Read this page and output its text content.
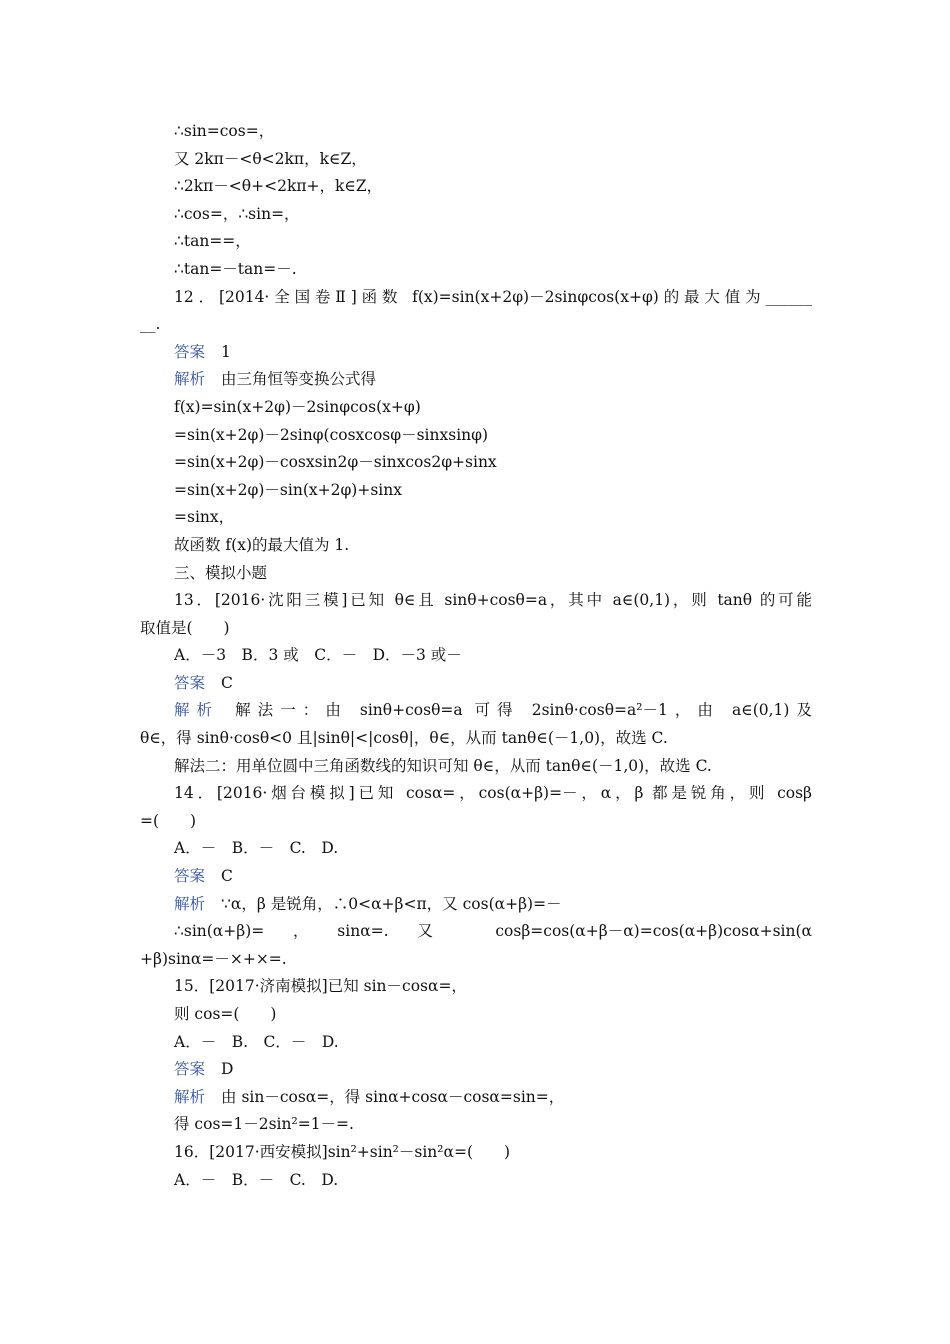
∴sin=cos=，
又 2kπ－<θ<2kπ，k∈Z，
∴2kπ－<θ+<2kπ+，k∈Z，
∴cos=，∴sin=，
∴tan==，
∴tan=－tan=－.
12．[2014·全国卷Ⅱ]函数 f(x)=sin(x+2φ)－2sinφcos(x+φ)的最大值为______
__.
答案 1
解析 由三角恒等变换公式得
f(x)=sin(x+2φ)－2sinφcos(x+φ)
=sin(x+2φ)－2sinφ(cosxcosφ－sinxsinφ)
=sin(x+2φ)－cosxsin2φ－sinxcos2φ+sinx
=sin(x+2φ)－sin(x+2φ)+sinx
=sinx，
故函数 f(x)的最大值为 1.
三、模拟小题
13．[2016·沈阳三模]已知 θ∈且 sinθ+cosθ=a，其中 a∈(0,1)，则 tanθ 的可能
取值是(　　)
A．－3　B．3 或　C．－　D．－3 或－
答案 C
解析 解法一：由 sinθ+cosθ=a 可得 2sinθ·cosθ=a²－1，由 a∈(0,1)及
θ∈，得 sinθ·cosθ<0 且|sinθ|<|cosθ|，θ∈，从而 tanθ∈(－1,0)，故选 C.
解法二：用单位圆中三角函数线的知识可知 θ∈，从而 tanθ∈(－1,0)，故选 C.
14．[2016·烟台模拟]已知 cosα=，cos(α+β)=－，α，β 都是锐角，则 cosβ
=(　　)
A．－　B．－　C.　D.
答案 C
解析 ∵α，β 是锐角，∴0<α+β<π，又 cos(α+β)=－
∴sin(α+β)=，sinα=.又 cosβ=cos(α+β－α)=cos(α+β)cosα+sin(α
+β)sinα=－×+×=.
15．[2017·济南模拟]已知 sin－cosα=，
则 cos=(　　)
A．－　B.　C．－　D.
答案 D
解析 由 sin－cosα=，得 sinα+cosα－cosα=sin=，
得 cos=1－2sin²=1－=.
16．[2017·西安模拟]sin²+sin²－sin²α=(　　)
A．－　B．－　C.　D.
